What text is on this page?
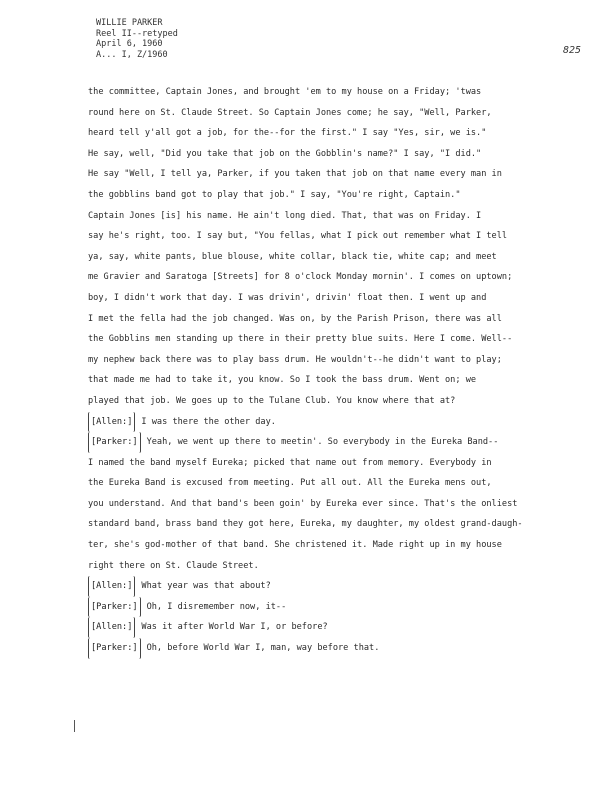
WILLIE PARKER
Reel II--retyped
April 6, 1960
A... I, Z/1960	825
the committee, Captain Jones, and brought 'em to my house on a Friday; 'twas
round here on St. Claude Street. So Captain Jones come; he say, "Well, Parker,
heard tell y'all got a job, for the--for the first." I say "Yes, sir, we is."
He say, well, "Did you take that job on the Gobblin's name?" I say, "I did."
He say "Well, I tell ya, Parker, if you taken that job on that name every man in
the gobblins band got to play that job." I say, "You're right, Captain."
Captain Jones [is] his name. He ain't long died. That, that was on Friday. I
say he's right, too. I say but, "You fellas, what I pick out remember what I tell
ya, say, white pants, blue blouse, white collar, black tie, white cap; and meet
me Gravier and Saratoga [Streets] for 8 o'clock Monday mornin'. I comes on uptown;
boy, I didn't work that day. I was drivin', drivin' float then. I went up and
I met the fella had the job changed. Was on, by the Parish Prison, there was all
the Gobblins men standing up there in their pretty blue suits. Here I come. Well--
my nephew back there was to play bass drum. He wouldn't--he didn't want to play;
that made me had to take it, you know. So I took the bass drum. Went on; we
played that job. We goes up to the Tulane Club. You know where that at?
[Allen:] I was there the other day.
[Parker:] Yeah, we went up there to meetin'. So everybody in the Eureka Band--
I named the band myself Eureka; picked that name out from memory. Everybody in
the Eureka Band is excused from meeting. Put all out. All the Eureka mens out,
you understand. And that band's been goin' by Eureka ever since. That's the onliest
standard band, brass band they got here, Eureka, my daughter, my oldest grand-daugh-
ter, she's god-mother of that band. She christened it. Made right up in my house
right there on St. Claude Street.
[Allen:] What year was that about?
[Parker:] Oh, I disremember now, it--
[Allen:] Was it after World War I, or before?
[Parker:] Oh, before World War I, man, way before that.
